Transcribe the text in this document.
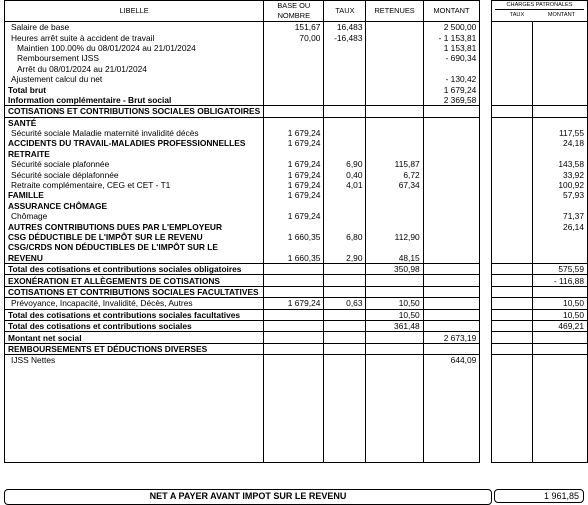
LIBELLE	BASE OU NOMBRE	TAUX	RETENUES	MONTANT		CHARGES PATRONALES
TAUX MONTANT	

Salaire de base	151,67	16,483		2 500,00			
Heures arrêt suite à accident de travail	70,00	-16,483		- 1 153,81			
Maintien 100.00% du 08/01/2024 au 21/01/2024				1 153,81			
Remboursement IJSS				- 690,34			
Arrêt du 08/01/2024 au 21/01/2024							
Ajustement calcul du net				- 130,42			
Total brut				1 679,24			
Information complémentaire - Brut social				2 369,58			
COTISATIONS ET CONTRIBUTIONS SOCIALES OBLIGATOIRES							
SANTÉ							
Sécurité sociale Maladie maternité invalidité décès	1 679,24						117,55
ACCIDENTS DU TRAVAIL-MALADIES PROFESSIONNELLES	1 679,24						24,18
RETRAITE							
Sécurité sociale plafonnée	1 679,24	6,90	115,87				143,58
Sécurité sociale déplafonnée	1 679,24	0,40	6,72				33,92
Retraite complémentaire, CEG et CET - T1	1 679,24	4,01	67,34				100,92
FAMILLE	1 679,24						57,93
ASSURANCE CHÔMAGE							
Chômage	1 679,24						71,37
AUTRES CONTRIBUTIONS DUES PAR L'EMPLOYEUR							26,14
CSG DÉDUCTIBLE DE L'IMPÔT SUR LE REVENU	1 660,35	6,80	112,90				
CSG/CRDS NON DÉDUCTIBLES DE L'IMPÔT SUR LE							
REVENU	1 660,35	2,90	48,15				
Total des cotisations et contributions sociales obligatoires			350,98				575,59
EXONÉRATION ET ALLÈGEMENTS DE COTISATIONS							- 116,88
COTISATIONS ET CONTRIBUTIONS SOCIALES FACULTATIVES							
Prévoyance, Incapacité, Invalidité, Décès, Autres	1 679,24	0,63	10,50				10,50
Total des cotisations et contributions sociales facultatives			10,50				10,50
Total des cotisations et contributions sociales			361,48				469,21
Montant net social				2 673,19			
REMBOURSEMENTS ET DÉDUCTIONS DIVERSES							
IJSS Nettes				644,09			

NET A PAYER AVANT IMPOT SUR LE REVENU	1 961,85
